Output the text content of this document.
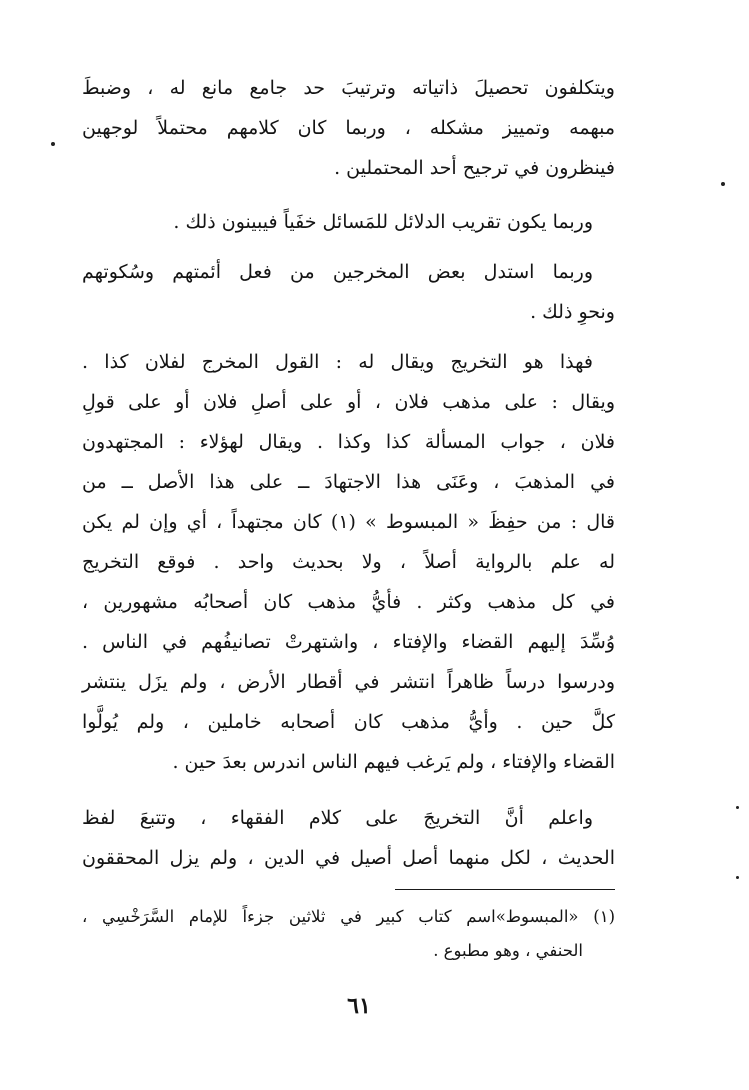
ويتكلفون تحصيلَ ذاتياته وترتيبَ حد جامع مانع له ، وضبطَ
مبهمه وتمييز مشكله ، وربما كان كلامهم محتملاً لوجهين
فينظرون في ترجيح أحد المحتملين .
وربما يكون تقريب الدلائل للمَسائل خفَياً فيبينون ذلك .
وربما استدل بعض المخرجين من فعل أئمتهم وسُكوتهم
ونحوِ ذلك .
فهذا هو التخريج ويقال له : القول المخرج لفلان كذا .
ويقال : على مذهب فلان ، أو على أصلِ فلان أو على قولِ
فلان ، جواب المسألة كذا وكذا . ويقال لهؤلاء : المجتهدون
في المذهبَ ، وعَنَى هذا الاجتهادَ ــ على هذا الأصل ــ من
قال : من حفِظَ « المبسوط » (١) كان مجتهداً ، أي وإن لم يكن
له علم بالرواية أصلاً ، ولا بحديث واحد . فوقع التخريج
في كل مذهب وكثر . فأيُّ مذهب كان أصحابُه مشهورين ،
وُسِّدَ إليهم القضاء والإفتاء ، واشتهرتْ تصانيفُهم في الناس .
ودرسوا درساً ظاهراً انتشر في أقطار الأرض ، ولم يزَل ينتشر
كلَّ حين . وأيُّ مذهب كان أصحابه خاملين ، ولم يُولَّوا
القضاء والإفتاء ، ولم يَرغب فيهم الناس اندرس بعدَ حين .
واعلم أنَّ التخريجَ على كلام الفقهاء ، وتتبعَ لفظ
الحديث ، لكل منهما أصل أصيل في الدين ، ولم يزل المحققون
(١) «المبسوط»اسم كتاب كبير في ثلاثين جزءاً للإمام السَّرَخْسِي ،
الحنفي ، وهو مطبوع .
٦١
